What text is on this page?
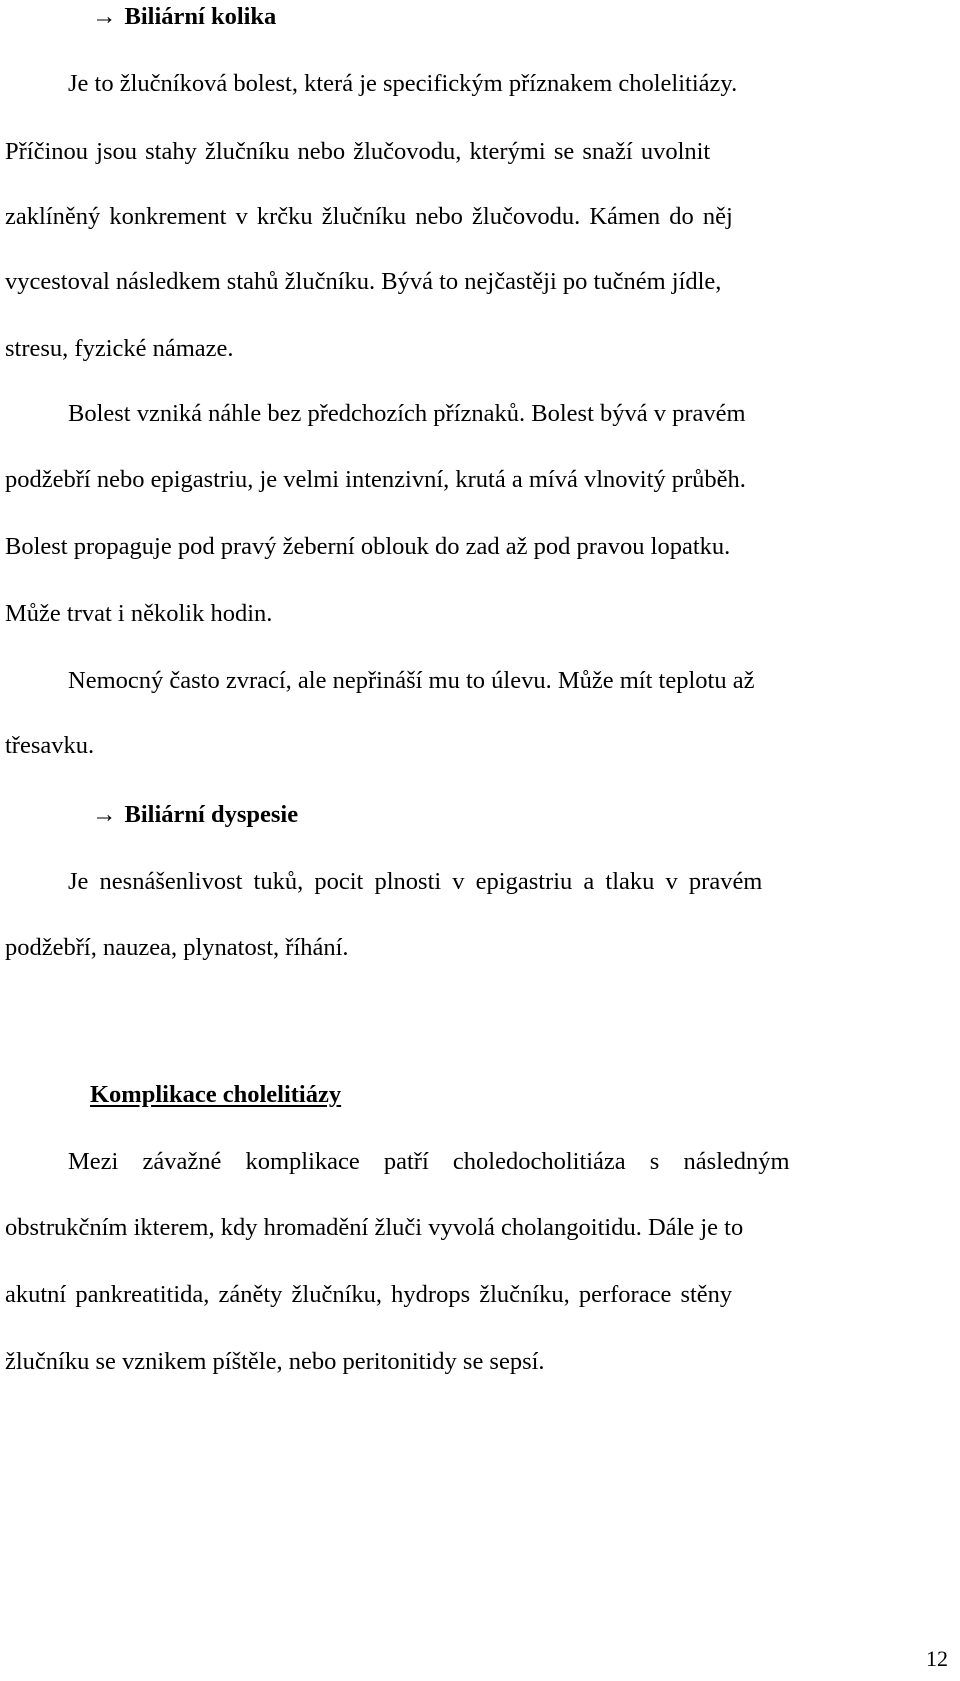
→ Biliární kolika
Je to žlučníková bolest, která je specifickým příznakem cholelitiázy.
Příčinou jsou stahy žlučníku nebo žlučovodu, kterými se snaží uvolnit
zaklíněný konkrement v krčku žlučníku nebo žlučovodu. Kámen do něj
vycestoval následkem stahů žlučníku. Bývá to nejčastěji po tučném jídle,
stresu, fyzické námaze.
Bolest vzniká náhle bez předchozích příznaků. Bolest bývá v pravém
podžebří nebo epigastriu, je velmi intenzivní, krutá a mívá vlnovitý průběh.
Bolest propaguje pod pravý žeberní oblouk do zad až pod pravou lopatku.
Může trvat i několik hodin.
Nemocný často zvrací, ale nepřináší mu to úlevu. Může mít teplotu až
třesavku.
→ Biliární dyspesie
Je nesnášenlivost tuků, pocit plnosti v epigastriu a tlaku v pravém
podžebří, nauzea, plynatost, říhání.
Komplikace cholelitiázy
Mezi závažné komplikace patří choledocholitiáza s následným
obstrukčním ikterem, kdy hromadění žluči vyvolá cholangoitidu. Dále je to
akutní pankreatitida, záněty žlučníku, hydrops žlučníku, perforace stěny
žlučníku se vznikem píštěle, nebo peritonitidy se sepsí.
12
